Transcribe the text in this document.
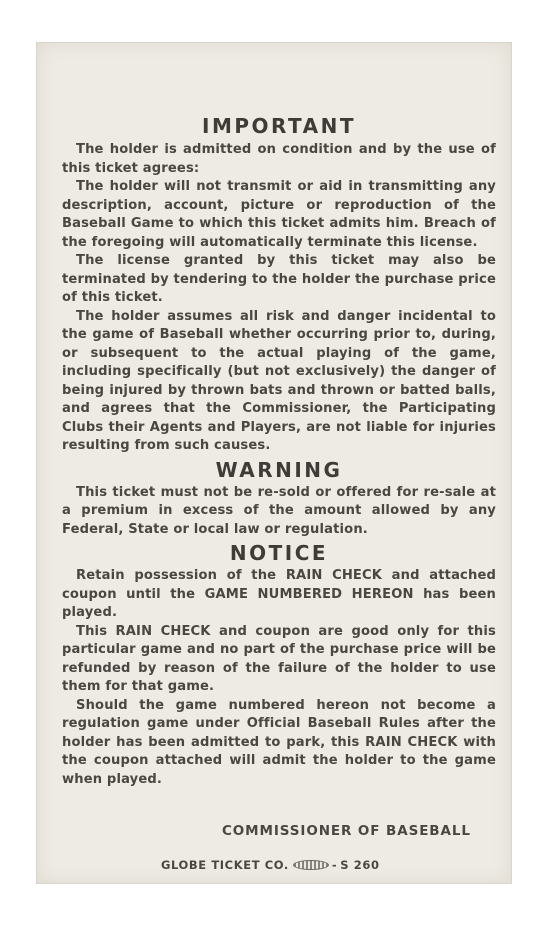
IMPORTANT

The holder is admitted on condition and by the use of this ticket agrees:

The holder will not transmit or aid in transmitting any description, account, picture or reproduction of the Baseball Game to which this ticket admits him. Breach of the foregoing will automatically terminate this license.

The license granted by this ticket may also be terminated by tendering to the holder the purchase price of this ticket.

The holder assumes all risk and danger incidental to the game of Baseball whether occurring prior to, during, or subsequent to the actual playing of the game, including specifically (but not exclusively) the danger of being injured by thrown bats and thrown or batted balls, and agrees that the Commissioner, the Participating Clubs their Agents and Players, are not liable for injuries resulting from such causes.

WARNING

This ticket must not be re-sold or offered for re-sale at a premium in excess of the amount allowed by any Federal, State or local law or regulation.

NOTICE

Retain possession of the RAIN CHECK and attached coupon until the GAME NUMBERED HEREON has been played.

This RAIN CHECK and coupon are good only for this particular game and no part of the purchase price will be refunded by reason of the failure of the holder to use them for that game.

Should the game numbered hereon not become a regulation game under Official Baseball Rules after the holder has been admitted to park, this RAIN CHECK with the coupon attached will admit the holder to the game when played.

COMMISSIONER OF BASEBALL
GLOBE TICKET CO.	- S 260
